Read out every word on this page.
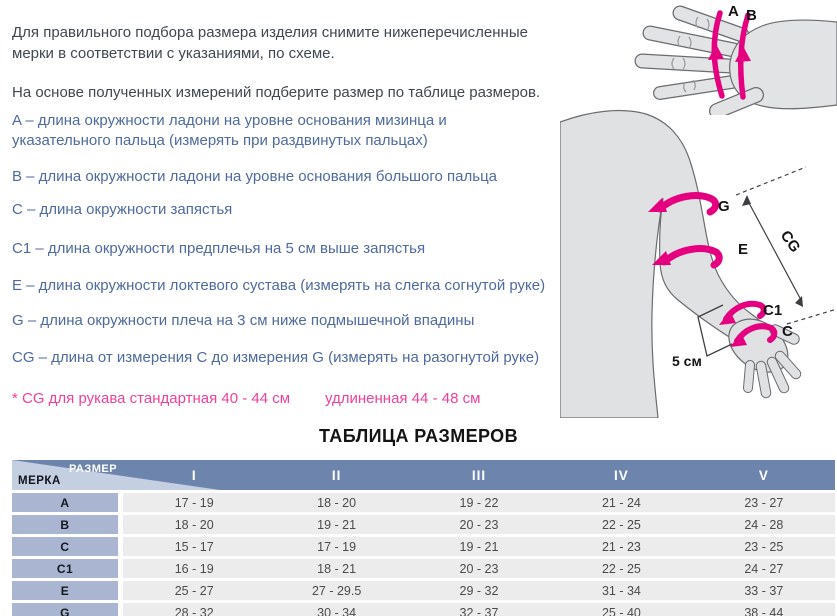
Для правильного подбора размера изделия снимите нижеперечисленные мерки в соответствии с указаниями, по схеме.

На основе полученных измерений подберите размер по таблице размеров.

A – длина окружности ладони на уровне основания мизинца и указательного пальца (измерять при раздвинутых пальцах)
B – длина окружности ладони на уровне основания большого пальца
C – длина окружности запястья
C1 – длина окружности предплечья на 5 см выше запястья
E – длина окружности локтевого сустава (измерять на слегка согнутой руке)
G – длина окружности плеча на 3 см ниже подмышечной впадины
CG – длина от измерения C до измерения G (измерять на разогнутой руке)
* CG для рукава стандартная 40 - 44 см удлиненная 44 - 48 см
ТАБЛИЦА РАЗМЕРОВ
РАЗМЕР
МЕРКА	I	II	III	IV	V
A	17 - 19	18 - 20	19 - 22	21 - 24	23 - 27
B	18 - 20	19 - 21	20 - 23	22 - 25	24 - 28
C	15 - 17	17 - 19	19 - 21	21 - 23	23 - 25
C1	16 - 19	18 - 21	20 - 23	22 - 25	24 - 27
E	25 - 27	27 - 29.5	29 - 32	31 - 34	33 - 37
G	28 - 32	30 - 34	32 - 37	25 - 40	38 - 44
A B
G
E
C1
C
CG
5 см
